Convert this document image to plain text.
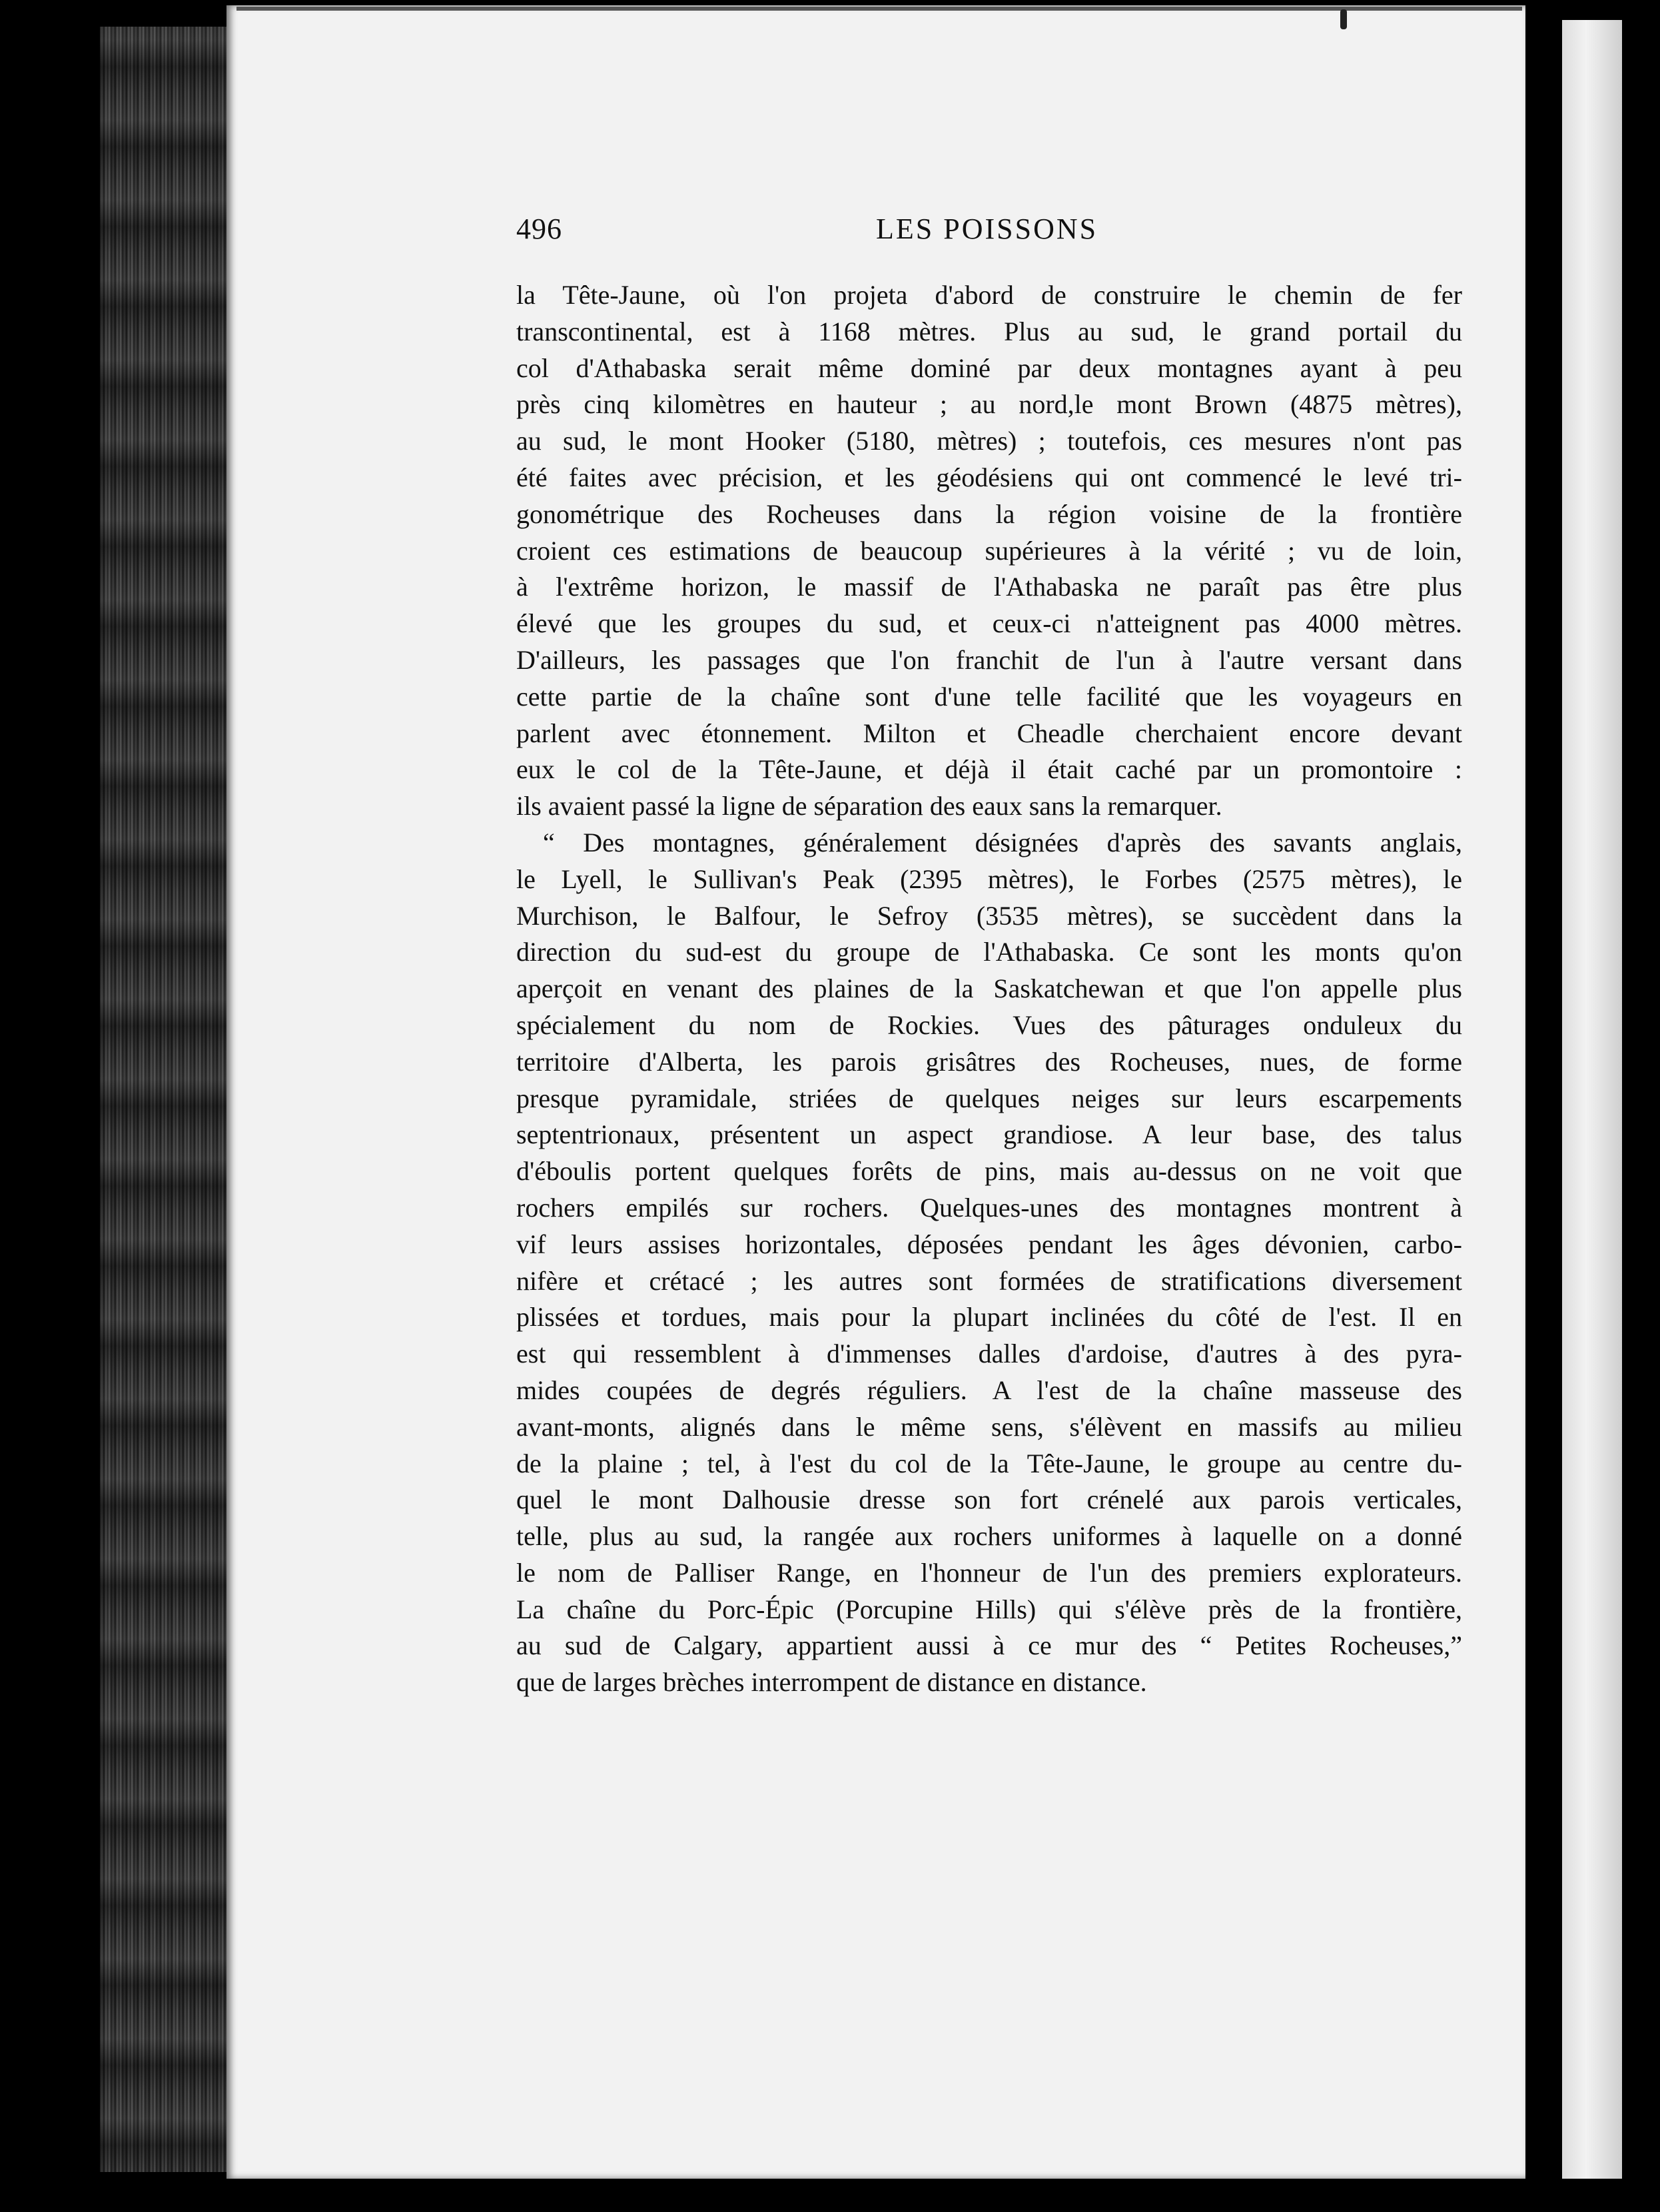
496	LES POISSONS
la Tête-Jaune, où l'on projeta d'abord de construire le chemin de fer
transcontinental, est à 1168 mètres. Plus au sud, le grand portail du
col d'Athabaska serait même dominé par deux montagnes ayant à peu
près cinq kilomètres en hauteur ; au nord,le mont Brown (4875 mètres),
au sud, le mont Hooker (5180, mètres) ; toutefois, ces mesures n'ont pas
été faites avec précision, et les géodésiens qui ont commencé le levé tri-
gonométrique des Rocheuses dans la région voisine de la frontière
croient ces estimations de beaucoup supérieures à la vérité ; vu de loin,
à l'extrême horizon, le massif de l'Athabaska ne paraît pas être plus
élevé que les groupes du sud, et ceux-ci n'atteignent pas 4000 mètres.
D'ailleurs, les passages que l'on franchit de l'un à l'autre versant dans
cette partie de la chaîne sont d'une telle facilité que les voyageurs en
parlent avec étonnement. Milton et Cheadle cherchaient encore devant
eux le col de la Tête-Jaune, et déjà il était caché par un promontoire :
ils avaient passé la ligne de séparation des eaux sans la remarquer.
“ Des montagnes, généralement désignées d'après des savants anglais,
le Lyell, le Sullivan's Peak (2395 mètres), le Forbes (2575 mètres), le
Murchison, le Balfour, le Sefroy (3535 mètres), se succèdent dans la
direction du sud-est du groupe de l'Athabaska. Ce sont les monts qu'on
aperçoit en venant des plaines de la Saskatchewan et que l'on appelle plus
spécialement du nom de Rockies. Vues des pâturages onduleux du
territoire d'Alberta, les parois grisâtres des Rocheuses, nues, de forme
presque pyramidale, striées de quelques neiges sur leurs escarpements
septentrionaux, présentent un aspect grandiose. A leur base, des talus
d'éboulis portent quelques forêts de pins, mais au-dessus on ne voit que
rochers empilés sur rochers. Quelques-unes des montagnes montrent à
vif leurs assises horizontales, déposées pendant les âges dévonien, carbo-
nifère et crétacé ; les autres sont formées de stratifications diversement
plissées et tordues, mais pour la plupart inclinées du côté de l'est. Il en
est qui ressemblent à d'immenses dalles d'ardoise, d'autres à des pyra-
mides coupées de degrés réguliers. A l'est de la chaîne masseuse des
avant-monts, alignés dans le même sens, s'élèvent en massifs au milieu
de la plaine ; tel, à l'est du col de la Tête-Jaune, le groupe au centre du-
quel le mont Dalhousie dresse son fort crénelé aux parois verticales,
telle, plus au sud, la rangée aux rochers uniformes à laquelle on a donné
le nom de Palliser Range, en l'honneur de l'un des premiers explorateurs.
La chaîne du Porc-Épic (Porcupine Hills) qui s'élève près de la frontière,
au sud de Calgary, appartient aussi à ce mur des “ Petites Rocheuses,”
que de larges brèches interrompent de distance en distance.
